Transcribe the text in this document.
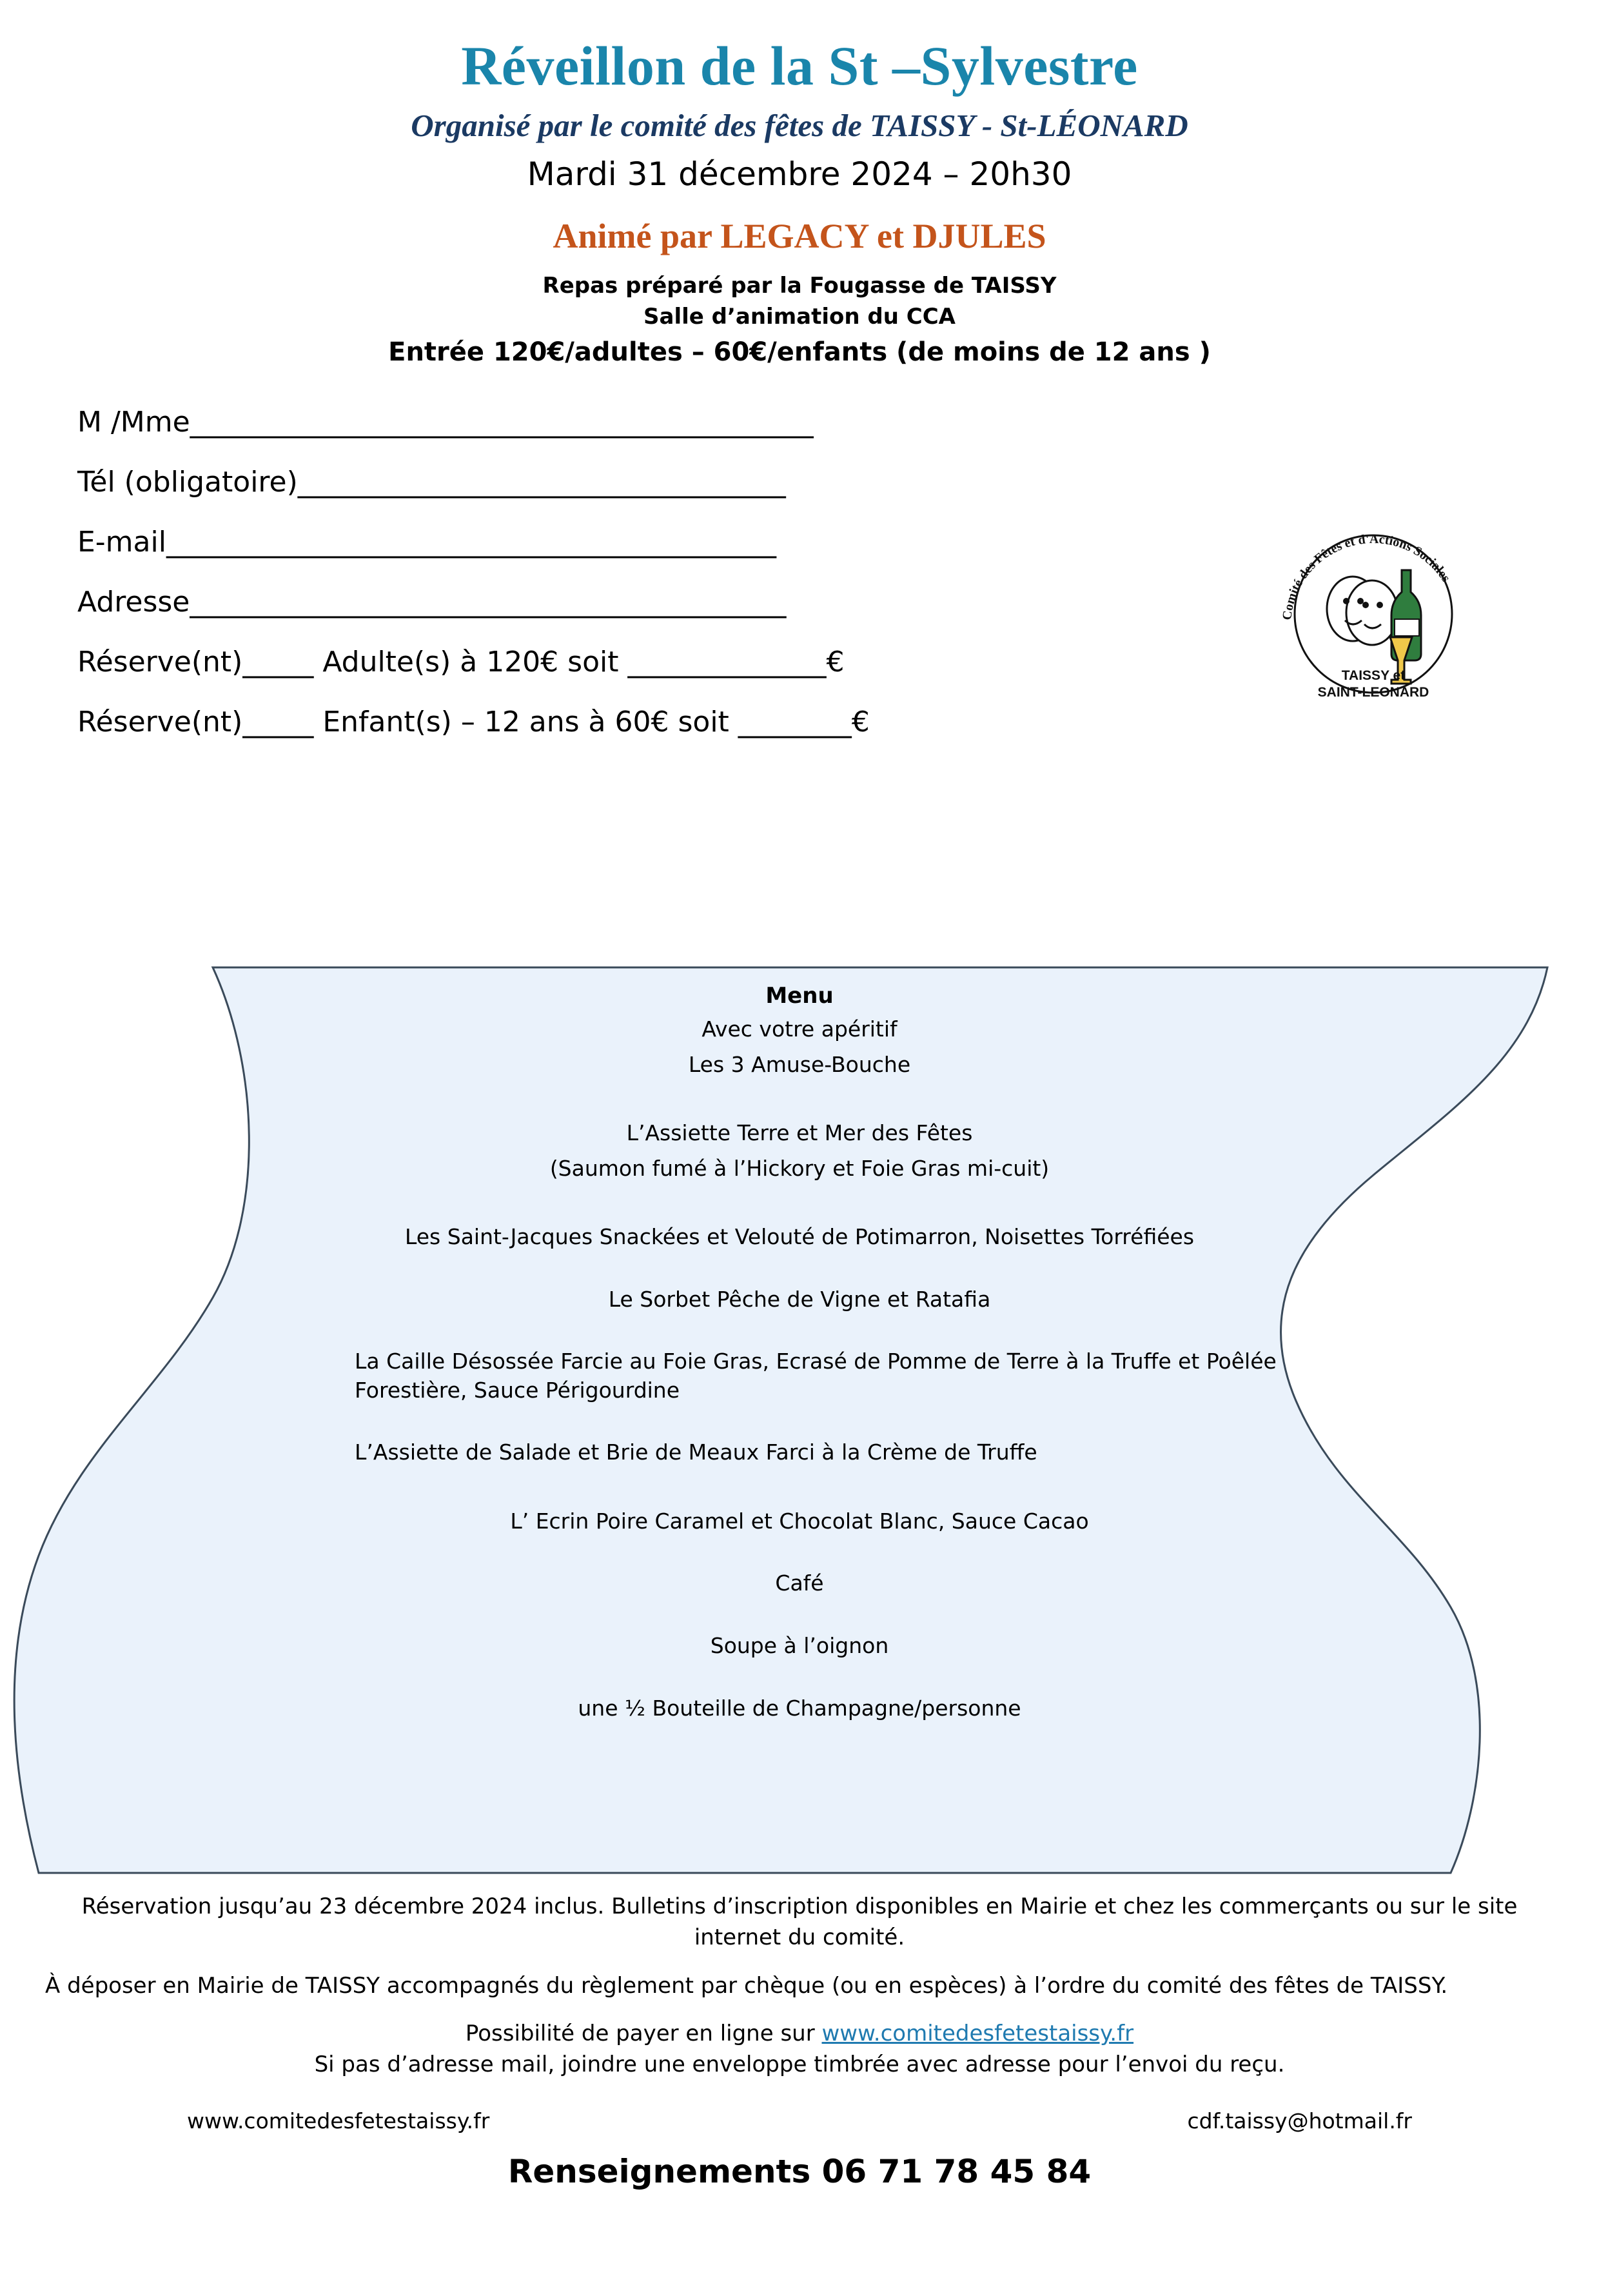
Réveillon de la St –Sylvestre
Organisé par le comité des fêtes de TAISSY - St-LÉONARD
Mardi 31 décembre 2024 – 20h30
Animé par LEGACY et DJULES
Repas préparé par la Fougasse de TAISSY
Salle d’animation du CCA
Entrée 120€/adultes – 60€/enfants (de moins de 12 ans )
M /Mme______________________________________________
Tél (obligatoire)____________________________________
E-mail_____________________________________________
Adresse____________________________________________
Réserve(nt)_____ Adulte(s) à 120€ soit ______________€
Réserve(nt)_____ Enfant(s) – 12 ans à 60€ soit ________€
Comité des Fêtes et d'Actions Sociales
TAISSY et
SAINT-LEONARD
Menu
Avec votre apéritif
Les 3 Amuse-Bouche
L’Assiette Terre et Mer des Fêtes
(Saumon fumé à l’Hickory et Foie Gras mi-cuit)
Les Saint-Jacques Snackées et Velouté de Potimarron, Noisettes Torréfiées
Le Sorbet Pêche de Vigne et Ratafia
La Caille Désossée Farcie au Foie Gras, Ecrasé de Pomme de Terre à la Truffe et Poêlée Forestière, Sauce Périgourdine
L’Assiette de Salade et Brie de Meaux Farci à la Crème de Truffe
L’ Ecrin Poire Caramel et Chocolat Blanc, Sauce Cacao
Café
Soupe à l’oignon
une ½ Bouteille de Champagne/personne
Réservation jusqu’au 23 décembre 2024 inclus. Bulletins d’inscription disponibles en Mairie et chez les commerçants ou sur le site internet du comité.
À déposer en Mairie de TAISSY accompagnés du règlement par chèque (ou en espèces) à l’ordre du comité des fêtes de TAISSY.
Possibilité de payer en ligne sur www.comitedesfetestaissy.fr
Si pas d’adresse mail, joindre une enveloppe timbrée avec adresse pour l’envoi du reçu.
www.comitedesfetestaissy.fr	cdf.taissy@hotmail.fr
Renseignements 06 71 78 45 84
